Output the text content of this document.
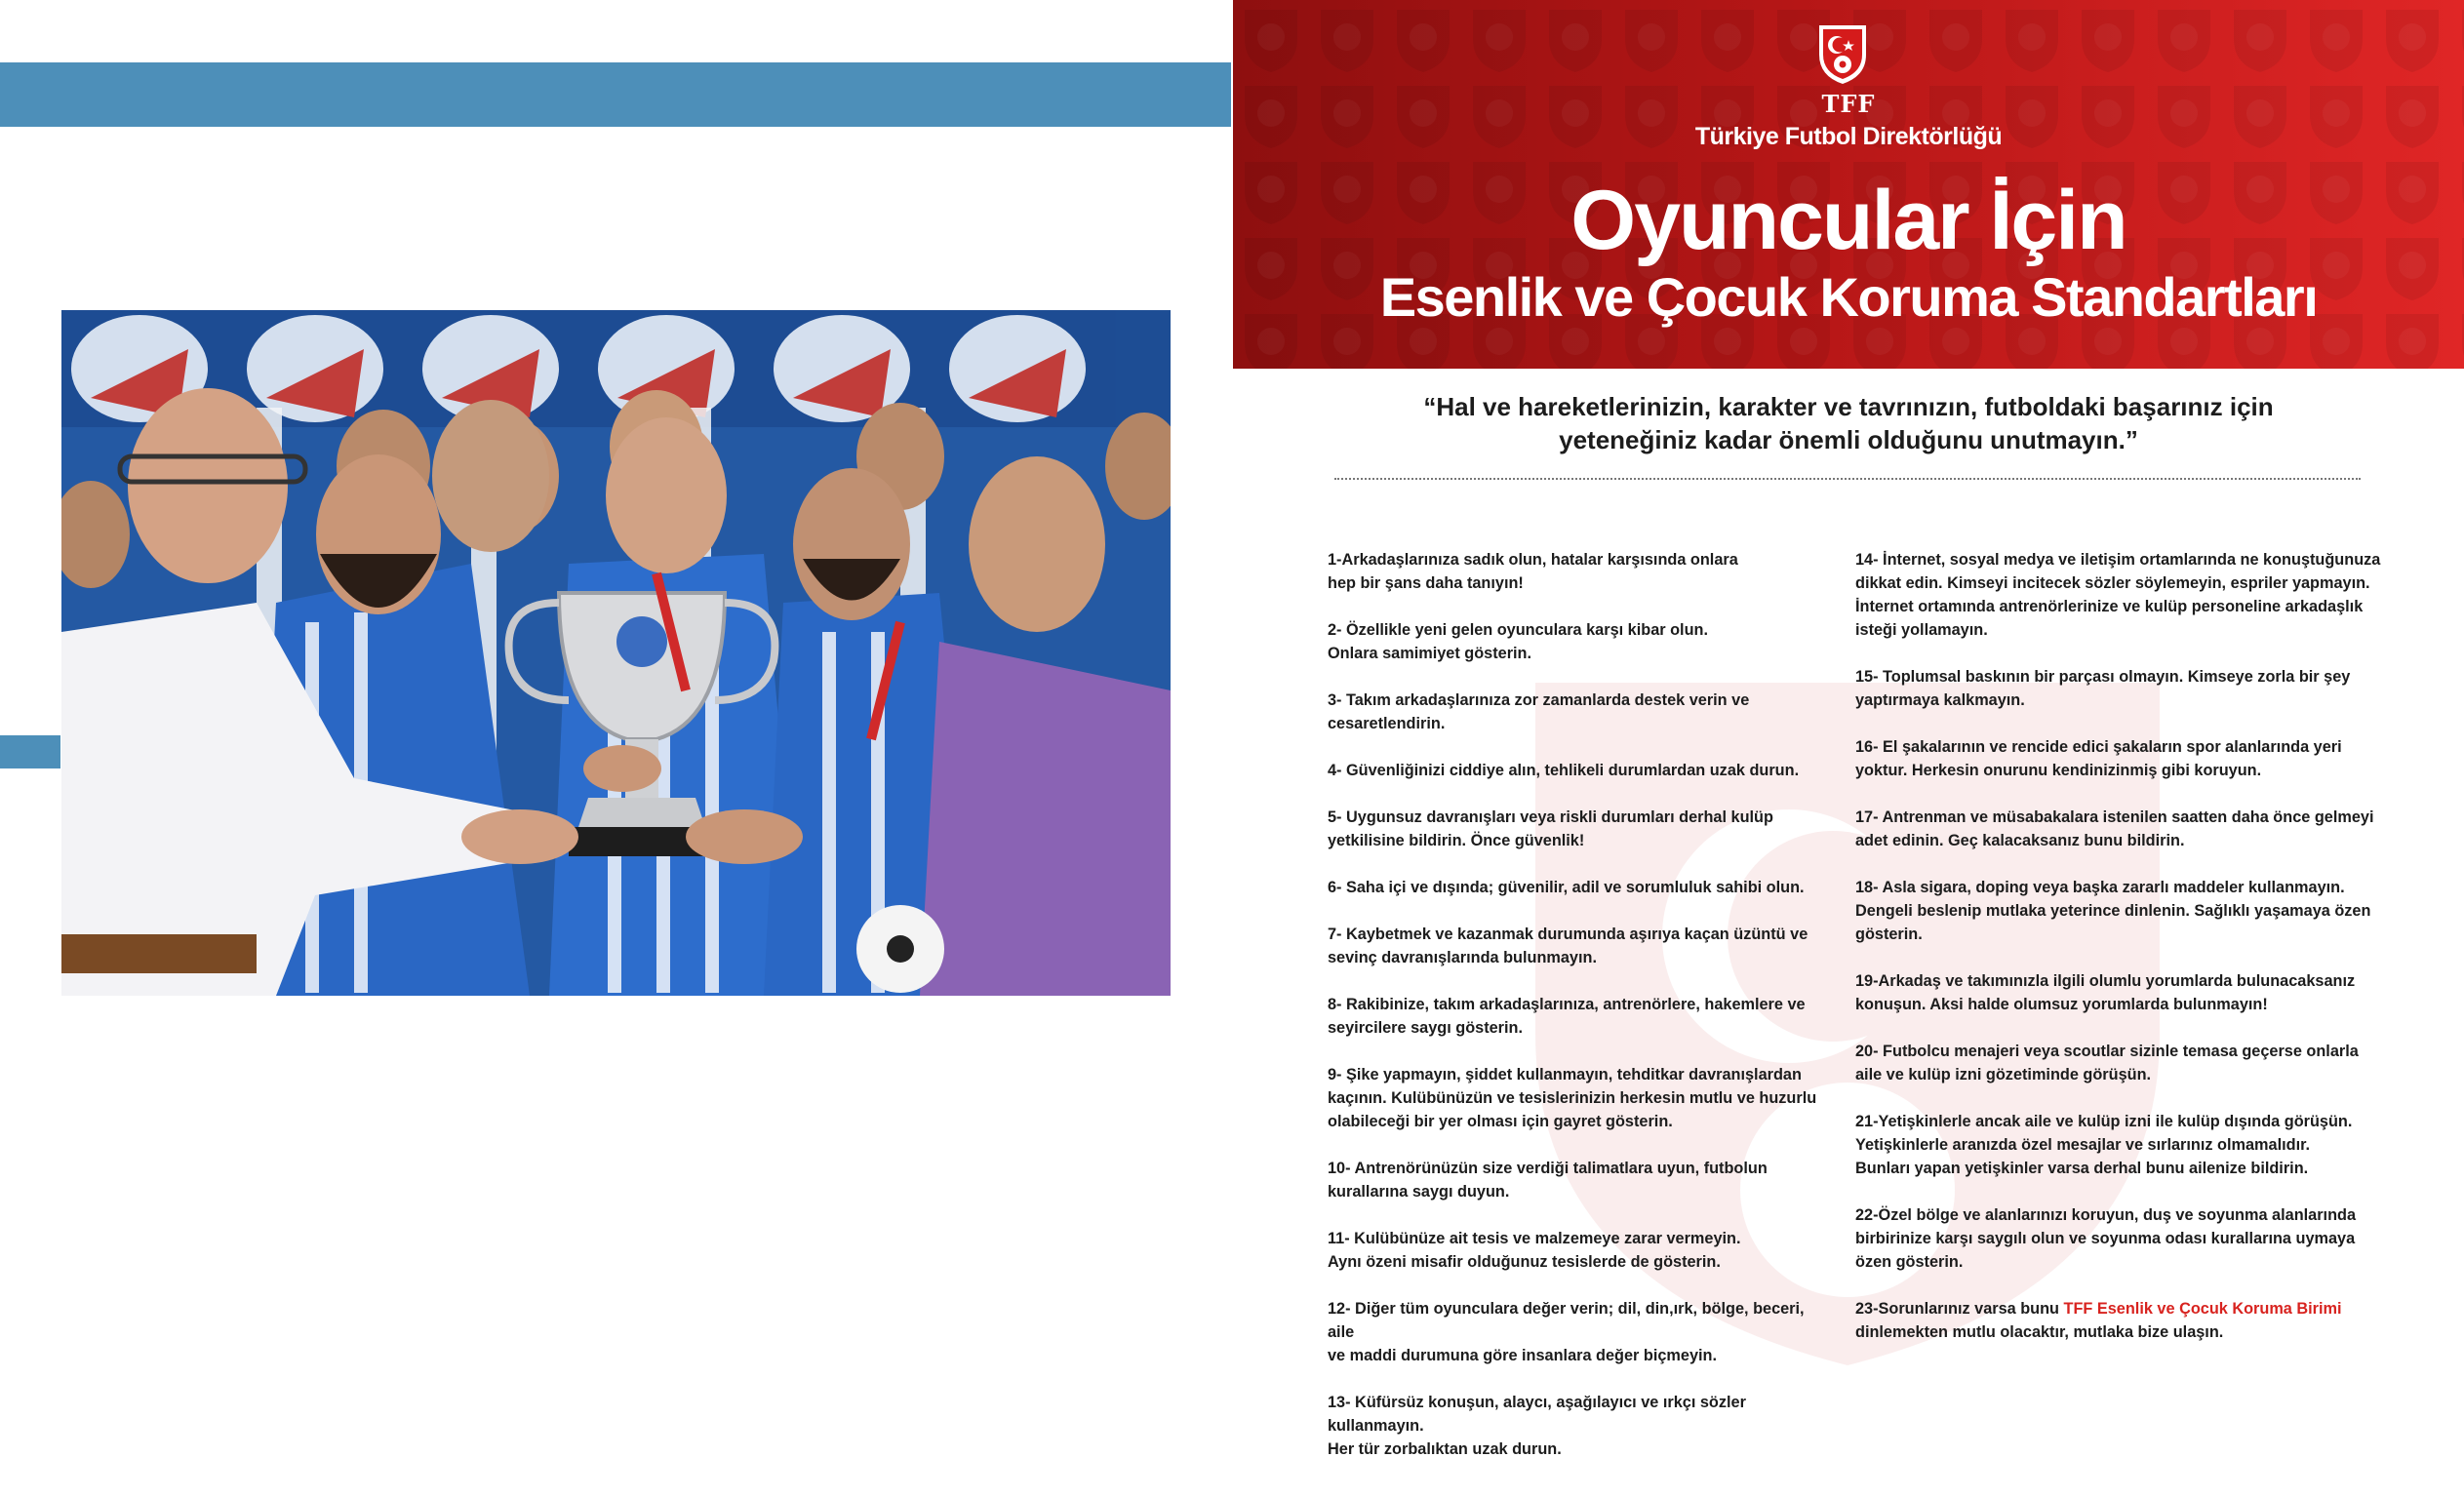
TFF
Türkiye Futbol Direktörlüğü
Oyuncular İçin
Esenlik ve Çocuk Koruma Standartları
“Hal ve hareketlerinizin, karakter ve tavrınızın, futboldaki başarınız için
yeteneğiniz kadar önemli olduğunu unutmayın.”
1-Arkadaşlarınıza sadık olun, hatalar karşısında onlara
hep bir şans daha tanıyın!
2- Özellikle yeni gelen oyunculara karşı kibar olun.
Onlara samimiyet gösterin.
3- Takım arkadaşlarınıza zor zamanlarda destek verin ve
cesaretlendirin.
4- Güvenliğinizi ciddiye alın, tehlikeli durumlardan uzak durun.
5- Uygunsuz davranışları veya riskli durumları derhal kulüp
yetkilisine bildirin. Önce güvenlik!
6- Saha içi ve dışında; güvenilir, adil ve sorumluluk sahibi olun.
7- Kaybetmek ve kazanmak durumunda aşırıya kaçan üzüntü ve
sevinç davranışlarında bulunmayın.
8- Rakibinize, takım arkadaşlarınıza, antrenörlere, hakemlere ve
seyircilere saygı gösterin.
9- Şike yapmayın, şiddet kullanmayın, tehditkar davranışlardan
kaçının. Kulübünüzün ve tesislerinizin herkesin mutlu ve huzurlu
olabileceği bir yer olması için gayret gösterin.
10- Antrenörünüzün size verdiği talimatlara uyun, futbolun
kurallarına saygı duyun.
11- Kulübünüze ait tesis ve malzemeye zarar vermeyin.
Aynı özeni misafir olduğunuz tesislerde de gösterin.
12- Diğer tüm oyunculara değer verin; dil, din,ırk, bölge, beceri, aile
ve maddi durumuna göre insanlara değer biçmeyin.
13- Küfürsüz konuşun, alaycı, aşağılayıcı ve ırkçı sözler kullanmayın.
Her tür zorbalıktan uzak durun.
14- İnternet, sosyal medya ve iletişim ortamlarında ne konuştuğunuza
dikkat edin. Kimseyi incitecek sözler söylemeyin, espriler yapmayın.
İnternet ortamında antrenörlerinize ve kulüp personeline arkadaşlık
isteği yollamayın.
15- Toplumsal baskının bir parçası olmayın. Kimseye zorla bir şey
yaptırmaya kalkmayın.
16- El şakalarının ve rencide edici şakaların spor alanlarında yeri
yoktur. Herkesin onurunu kendinizinmiş gibi koruyun.
17- Antrenman ve müsabakalara istenilen saatten daha önce gelmeyi
adet edinin. Geç kalacaksanız bunu bildirin.
18- Asla sigara, doping veya başka zararlı maddeler kullanmayın.
Dengeli beslenip mutlaka yeterince dinlenin. Sağlıklı yaşamaya özen
gösterin.
19-Arkadaş ve takımınızla ilgili olumlu yorumlarda bulunacaksanız
konuşun. Aksi halde olumsuz yorumlarda bulunmayın!
20- Futbolcu menajeri veya scoutlar sizinle temasa geçerse onlarla
aile ve kulüp izni gözetiminde görüşün.
21-Yetişkinlerle ancak aile ve kulüp izni ile kulüp dışında görüşün.
Yetişkinlerle aranızda özel mesajlar ve sırlarınız olmamalıdır.
Bunları yapan yetişkinler varsa derhal bunu ailenize bildirin.
22-Özel bölge ve alanlarınızı koruyun, duş ve soyunma alanlarında
birbirinize karşı saygılı olun ve soyunma odası kurallarına uymaya
özen gösterin.
23-Sorunlarınız varsa bunu TFF Esenlik ve Çocuk Koruma Birimi
dinlemekten mutlu olacaktır, mutlaka bize ulaşın.
